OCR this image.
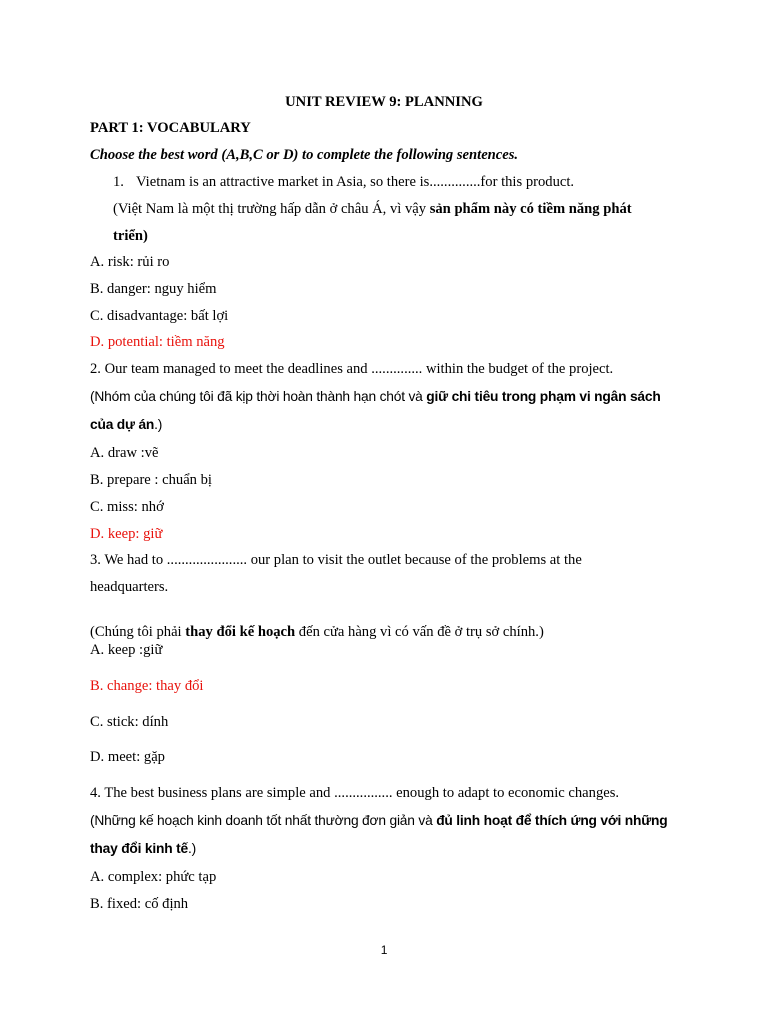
UNIT REVIEW 9: PLANNING
PART 1: VOCABULARY
Choose the best word (A,B,C or D) to complete the following sentences.
1. Vietnam is an attractive market in Asia, so there is..............for this product.
(Việt Nam là một thị trường hấp dẫn ở châu Á, vì vậy sản phẩm này có tiềm năng phát
triển)
A. risk: rủi ro
B. danger: nguy hiểm
C. disadvantage: bất lợi
D. potential: tiềm năng
2. Our team managed to meet the deadlines and .............. within the budget of the project.
(Nhóm của chúng tôi đã kịp thời hoàn thành hạn chót và giữ chi tiêu trong phạm vi ngân sách
của dự án.)
A. draw :vẽ
B. prepare : chuẩn bị
C. miss: nhớ
D. keep: giữ
3. We had to ...................... our plan to visit the outlet because of the problems at the
headquarters.
(Chúng tôi phải thay đổi kế hoạch đến cửa hàng vì có vấn đề ở trụ sở chính.)
A. keep :giữ
B. change: thay đổi
C. stick: dính
D. meet: gặp
4. The best business plans are simple and ................ enough to adapt to economic changes.
(Những kế hoạch kinh doanh tốt nhất thường đơn giản và đủ linh hoạt để thích ứng với những
thay đổi kinh tế.)
A. complex: phức tạp
B. fixed: cố định
1
